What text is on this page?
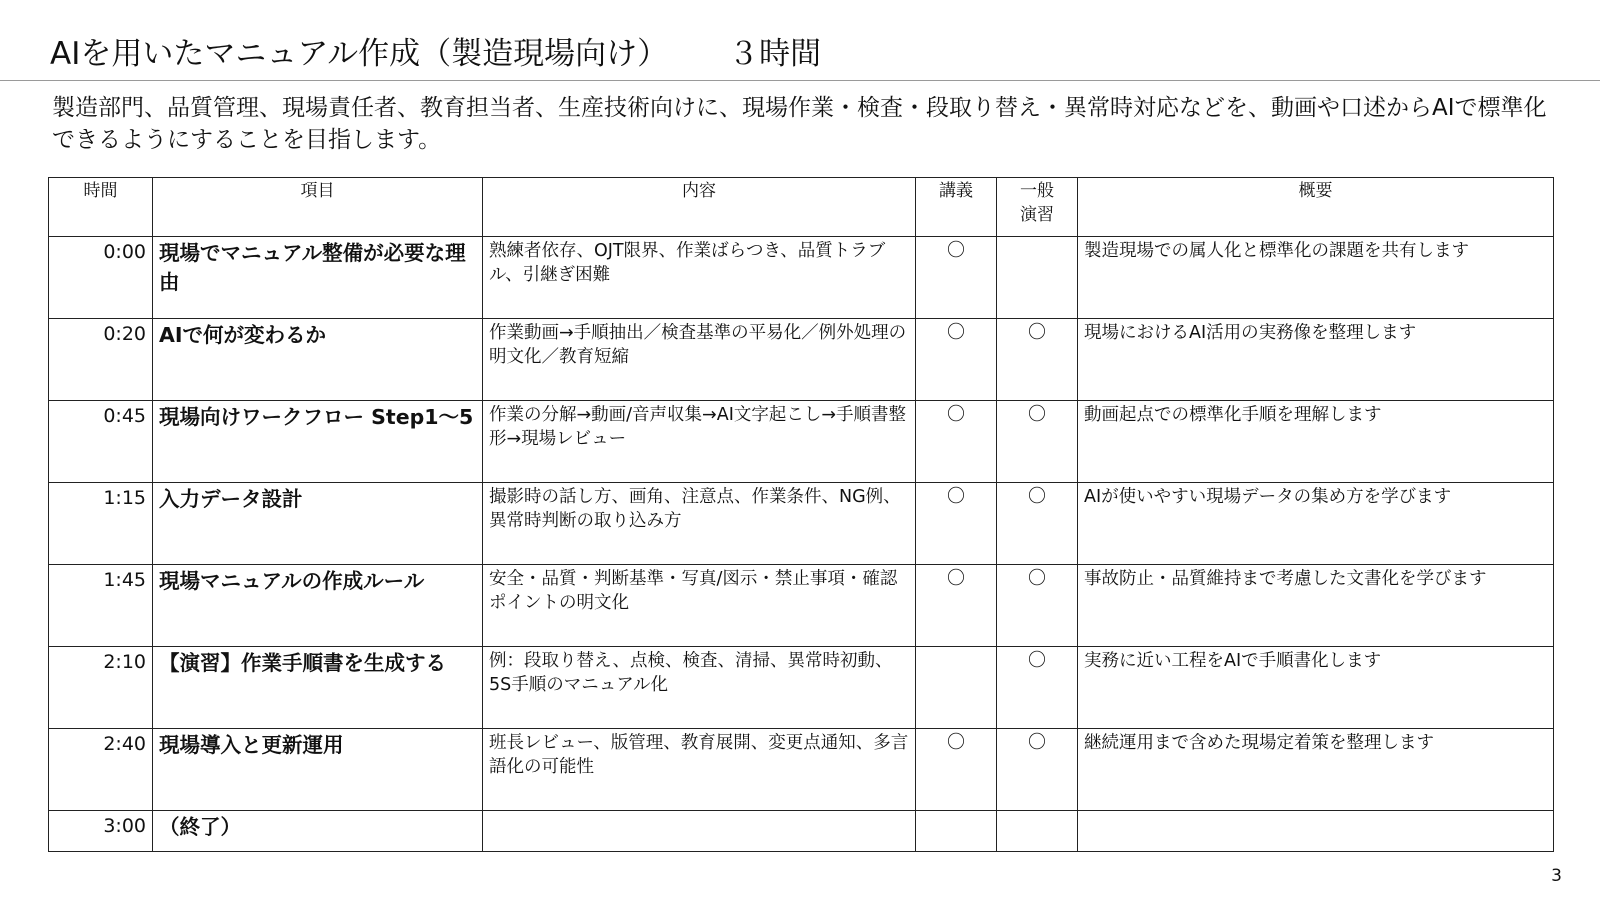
AIを用いたマニュアル作成（製造現場向け） ３時間
製造部門、品質管理、現場責任者、教育担当者、生産技術向けに、現場作業・検査・段取り替え・異常時対応などを、動画や口述からAIで標準化できるようにすることを目指します。
時間	項目	内容	講義	一般演習	概要
0:00	現場でマニュアル整備が必要な理由	熟練者依存、OJT限界、作業ばらつき、品質トラブル、引継ぎ困難	〇		製造現場での属人化と標準化の課題を共有します
0:20	AIで何が変わるか	作業動画→手順抽出／検査基準の平易化／例外処理の明文化／教育短縮	〇	〇	現場におけるAI活用の実務像を整理します
0:45	現場向けワークフロー Step1～5	作業の分解→動画/音声収集→AI文字起こし→手順書整形→現場レビュー	〇	〇	動画起点での標準化手順を理解します
1:15	入力データ設計	撮影時の話し方、画角、注意点、作業条件、NG例、異常時判断の取り込み方	〇	〇	AIが使いやすい現場データの集め方を学びます
1:45	現場マニュアルの作成ルール	安全・品質・判断基準・写真/図示・禁止事項・確認ポイントの明文化	〇	〇	事故防止・品質維持まで考慮した文書化を学びます
2:10	【演習】作業手順書を生成する	例：段取り替え、点検、検査、清掃、異常時初動、5S手順のマニュアル化		〇	実務に近い工程をAIで手順書化します
2:40	現場導入と更新運用	班長レビュー、版管理、教育展開、変更点通知、多言語化の可能性	〇	〇	継続運用まで含めた現場定着策を整理します
3:00	（終了）				
3
